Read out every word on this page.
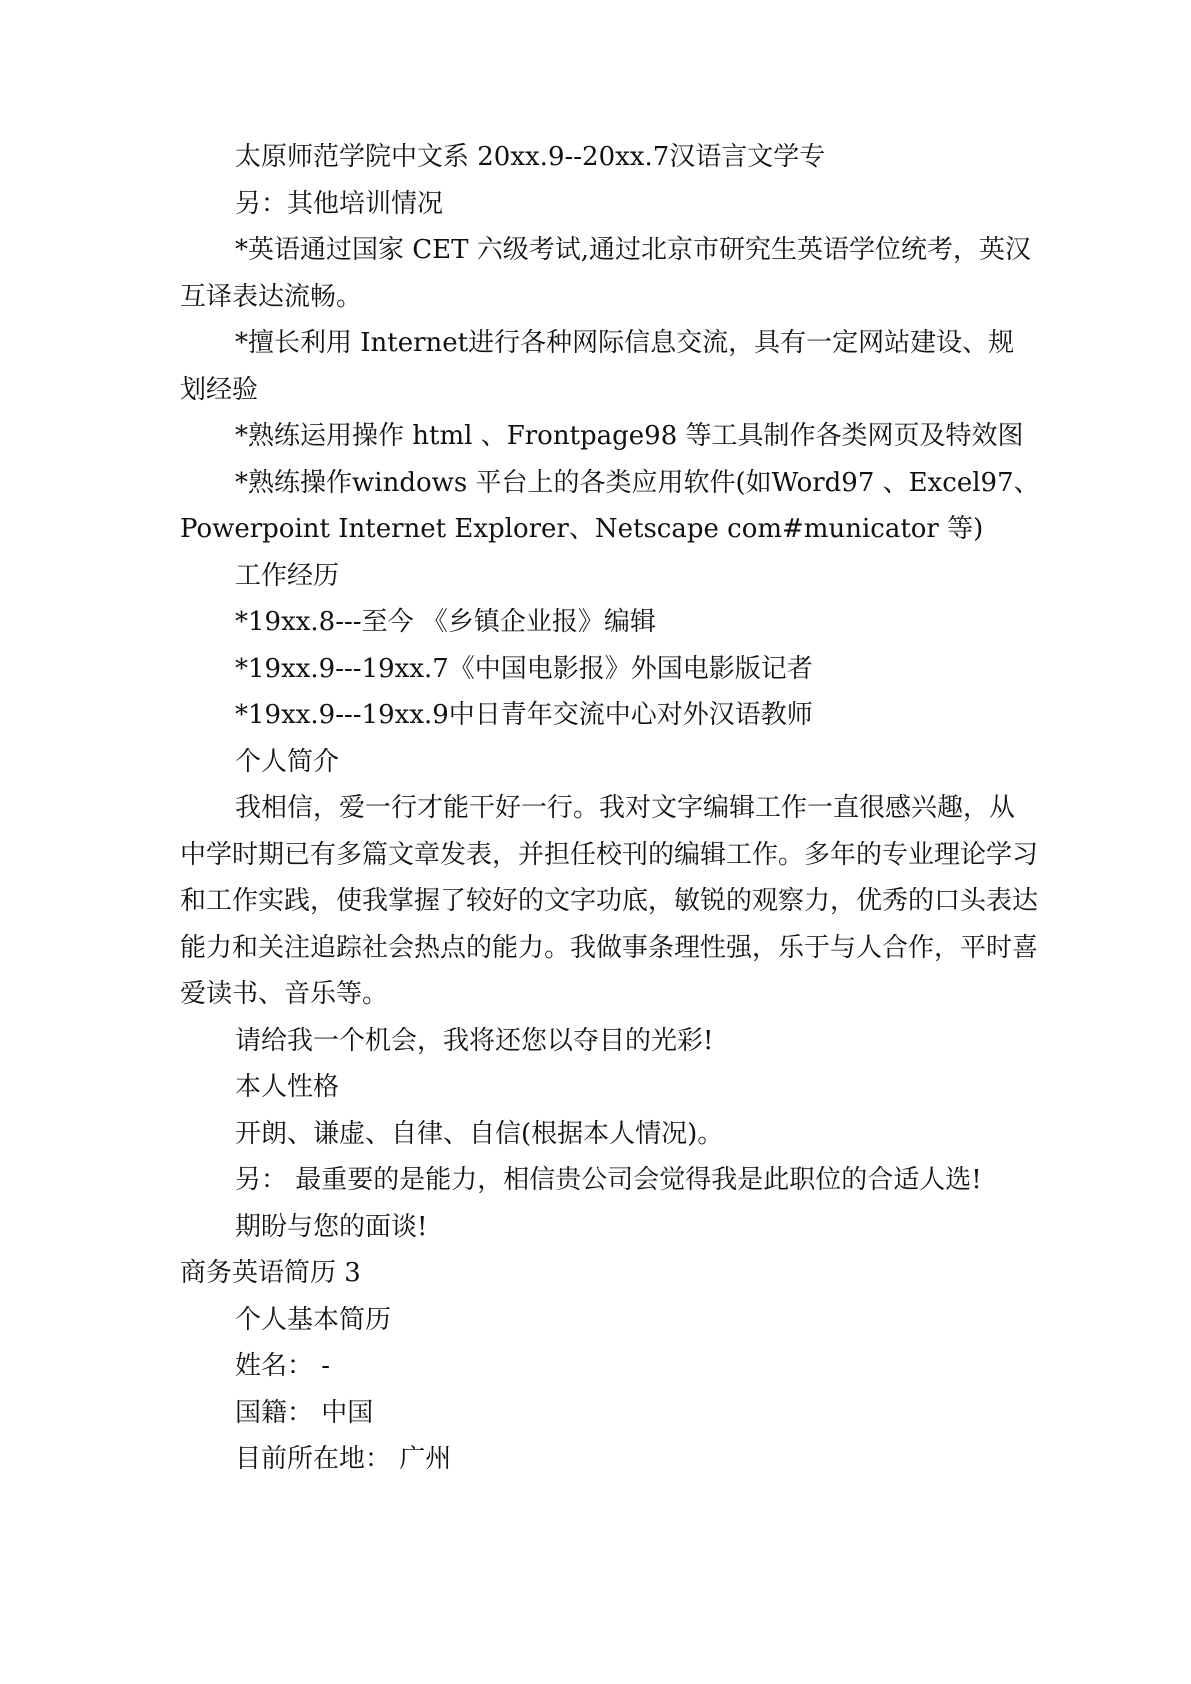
太原师范学院中文系 20xx.9--20xx.7汉语言文学专

另：其他培训情况

*英语通过国家 CET 六级考试,通过北京市研究生英语学位统考，英汉互译表达流畅。

*擅长利用 Internet进行各种网际信息交流，具有一定网站建设、规划经验

*熟练运用操作 html 、Frontpage98 等工具制作各类网页及特效图

*熟练操作windows 平台上的各类应用软件(如Word97 、Excel97、Powerpoint Internet Explorer、Netscape com#municator 等)

工作经历

*19xx.8---至今 《乡镇企业报》编辑

*19xx.9---19xx.7《中国电影报》外国电影版记者

*19xx.9---19xx.9中日青年交流中心对外汉语教师

个人简介

我相信，爱一行才能干好一行。我对文字编辑工作一直很感兴趣，从中学时期已有多篇文章发表，并担任校刊的编辑工作。多年的专业理论学习和工作实践，使我掌握了较好的文字功底，敏锐的观察力，优秀的口头表达能力和关注追踪社会热点的能力。我做事条理性强，乐于与人合作，平时喜爱读书、音乐等。

请给我一个机会，我将还您以夺目的光彩!

本人性格

开朗、谦虚、自律、自信(根据本人情况)。

另： 最重要的是能力，相信贵公司会觉得我是此职位的合适人选!

期盼与您的面谈!

商务英语简历 3

个人基本简历

姓名： -

国籍： 中国

目前所在地： 广州
